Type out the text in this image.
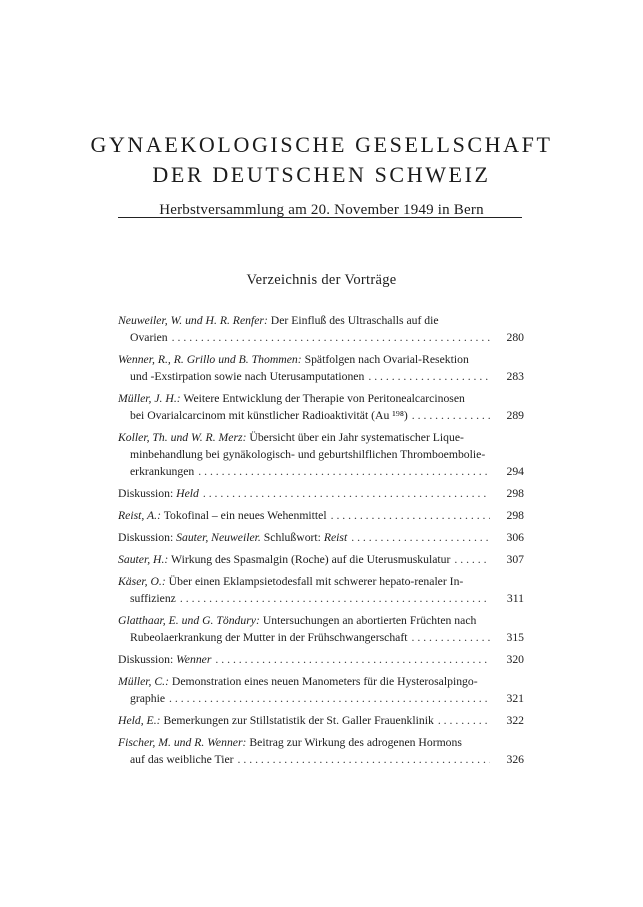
GYNAEKOLOGISCHE GESELLSCHAFT
DER DEUTSCHEN SCHWEIZ
Herbstversammlung am 20. November 1949 in Bern
Verzeichnis der Vorträge
Neuweiler, W. und H. R. Renfer: Der Einfluß des Ultraschalls auf die
Ovarien . . .	280
Wenner, R., R. Grillo und B. Thommen: Spätfolgen nach Ovarial-Resektion
und -Exstirpation sowie nach Uterusamputationen . . .	283
Müller, J. H.: Weitere Entwicklung der Therapie von Peritonealcarcinosen
bei Ovarialcarcinom mit künstlicher Radioaktivität (Au ¹⁹⁸) . . .	289
Koller, Th. und W. R. Merz: Übersicht über ein Jahr systematischer Lique-
minbehandlung bei gynäkologisch- und geburtshilflichen Thromboembolie-
erkrankungen . . .	294
Diskussion: Held . . .	298
Reist, A.: Tokofinal – ein neues Wehenmittel . . .	298
Diskussion: Sauter, Neuweiler. Schlußwort: Reist . . .	306
Sauter, H.: Wirkung des Spasmalgin (Roche) auf die Uterusmuskulatur . . .	307
Käser, O.: Über einen Eklampsietodesfall mit schwerer hepato-renaler In-
suffizienz . . .	311
Glatthaar, E. und G. Töndury: Untersuchungen an abortierten Früchten nach
Rubeolaerkrankung der Mutter in der Frühschwangerschaft . . .	315
Diskussion: Wenner . . .	320
Müller, C.: Demonstration eines neuen Manometers für die Hysterosalpingo-
graphie . . .	321
Held, E.: Bemerkungen zur Stillstatistik der St. Galler Frauenklinik . . .	322
Fischer, M. und R. Wenner: Beitrag zur Wirkung des adrogenen Hormons
auf das weibliche Tier . . .	326
